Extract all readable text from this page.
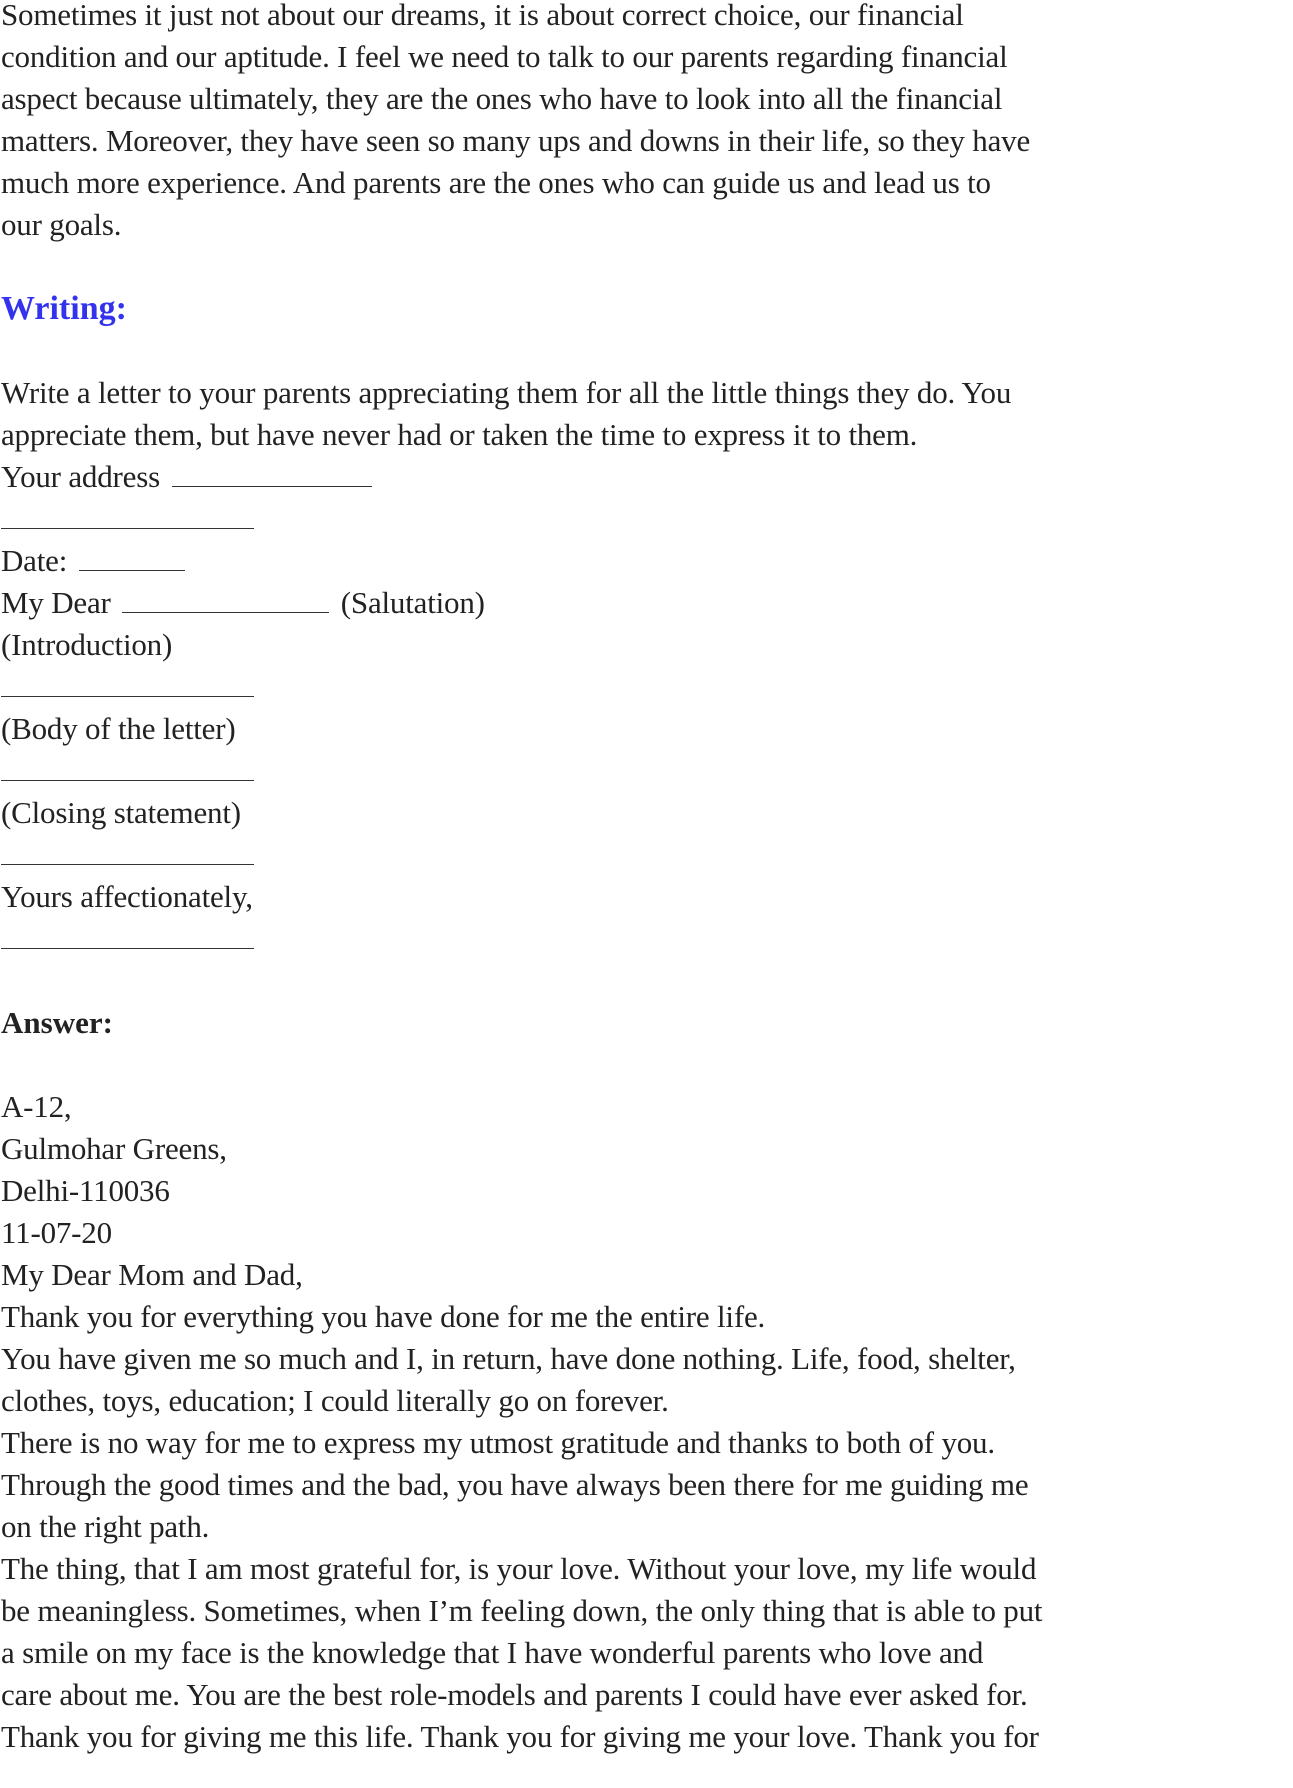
Sometimes it just not about our dreams, it is about correct choice, our financial
condition and our aptitude. I feel we need to talk to our parents regarding financial
aspect because ultimately, they are the ones who have to look into all the financial
matters. Moreover, they have seen so many ups and downs in their life, so they have
much more experience. And parents are the ones who can guide us and lead us to
our goals.
Writing:
Write a letter to your parents appreciating them for all the little things they do. You
appreciate them, but have never had or taken the time to express it to them.
Your address
Date:
My Dear	(Salutation)
(Introduction)
(Body of the letter)
(Closing statement)
Yours affectionately,
Answer:
A-12,
Gulmohar Greens,
Delhi-110036
11-07-20
My Dear Mom and Dad,
Thank you for everything you have done for me the entire life.
You have given me so much and I, in return, have done nothing. Life, food, shelter,
clothes, toys, education; I could literally go on forever.
There is no way for me to express my utmost gratitude and thanks to both of you.
Through the good times and the bad, you have always been there for me guiding me
on the right path.
The thing, that I am most grateful for, is your love. Without your love, my life would
be meaningless. Sometimes, when I’m feeling down, the only thing that is able to put
a smile on my face is the knowledge that I have wonderful parents who love and
care about me. You are the best role-models and parents I could have ever asked for.
Thank you for giving me this life. Thank you for giving me your love. Thank you for
